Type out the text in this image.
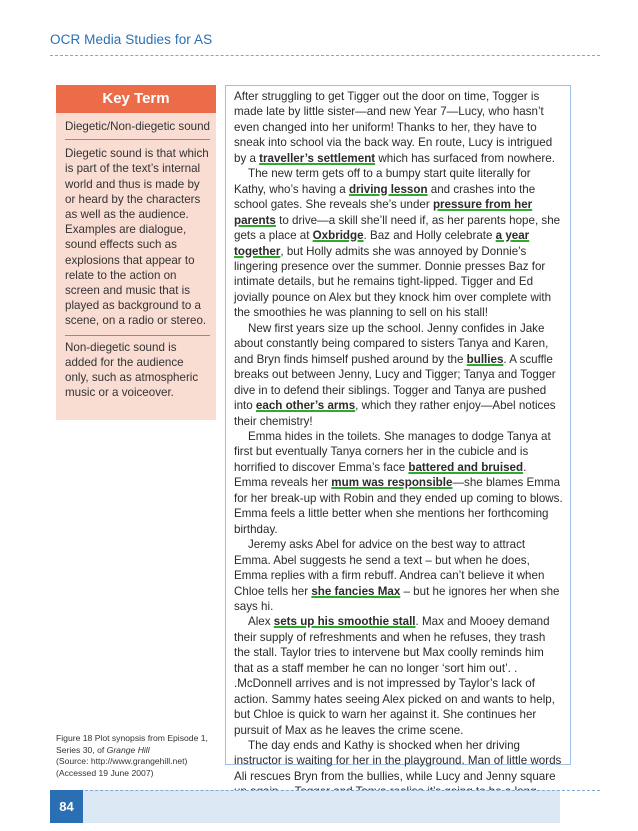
OCR Media Studies for AS
Key Term

Diegetic/Non-diegetic sound

Diegetic sound is that which is part of the text’s internal world and thus is made by or heard by the characters as well as the audience. Examples are dialogue, sound effects such as explosions that appear to relate to the action on screen and music that is played as background to a scene, on a radio or stereo.

Non-diegetic sound is added for the audience only, such as atmospheric music or a voiceover.

After struggling to get Tigger out the door on time, Togger is made late by little sister—and new Year 7—Lucy, who hasn’t even changed into her uniform! Thanks to her, they have to sneak into school via the back way. En route, Lucy is intrigued by a traveller’s settlement which has surfaced from nowhere.

The new term gets off to a bumpy start quite literally for Kathy, who’s having a driving lesson and crashes into the school gates. She reveals she’s under pressure from her parents to drive—a skill she’ll need if, as her parents hope, she gets a place at Oxbridge. Baz and Holly celebrate a year together, but Holly admits she was annoyed by Donnie’s lingering presence over the summer. Donnie presses Baz for intimate details, but he remains tight-lipped. Tigger and Ed jovially pounce on Alex but they knock him over complete with the smoothies he was planning to sell on his stall!

New first years size up the school. Jenny confides in Jake about constantly being compared to sisters Tanya and Karen, and Bryn finds himself pushed around by the bullies. A scuffle breaks out between Jenny, Lucy and Tigger; Tanya and Togger dive in to defend their siblings. Togger and Tanya are pushed into each other’s arms, which they rather enjoy—Abel notices their chemistry!

Emma hides in the toilets. She manages to dodge Tanya at first but eventually Tanya corners her in the cubicle and is horrified to discover Emma’s face battered and bruised. Emma reveals her mum was responsible—she blames Emma for her break-up with Robin and they ended up coming to blows. Emma feels a little better when she mentions her forthcoming birthday.

Jeremy asks Abel for advice on the best way to attract Emma. Abel suggests he send a text – but when he does, Emma replies with a firm rebuff. Andrea can’t believe it when Chloe tells her she fancies Max – but he ignores her when she says hi.

Alex sets up his smoothie stall. Max and Mooey demand their supply of refreshments and when he refuses, they trash the stall. Taylor tries to intervene but Max coolly reminds him that as a staff member he can no longer ‘sort him out’. . .McDonnell arrives and is not impressed by Taylor’s lack of action. Sammy hates seeing Alex picked on and wants to help, but Chloe is quick to warn her against it. She continues her pursuit of Max as he leaves the crime scene.

The day ends and Kathy is shocked when her driving instructor is waiting for her in the playground. Man of little words Ali rescues Bryn from the bullies, while Lucy and Jenny square

Figure 18 Plot synopsis from Episode 1, Series 30, of Grange Hill
(Source: http://www.grangehill.net)
(Accessed 19 June 2007)
84
